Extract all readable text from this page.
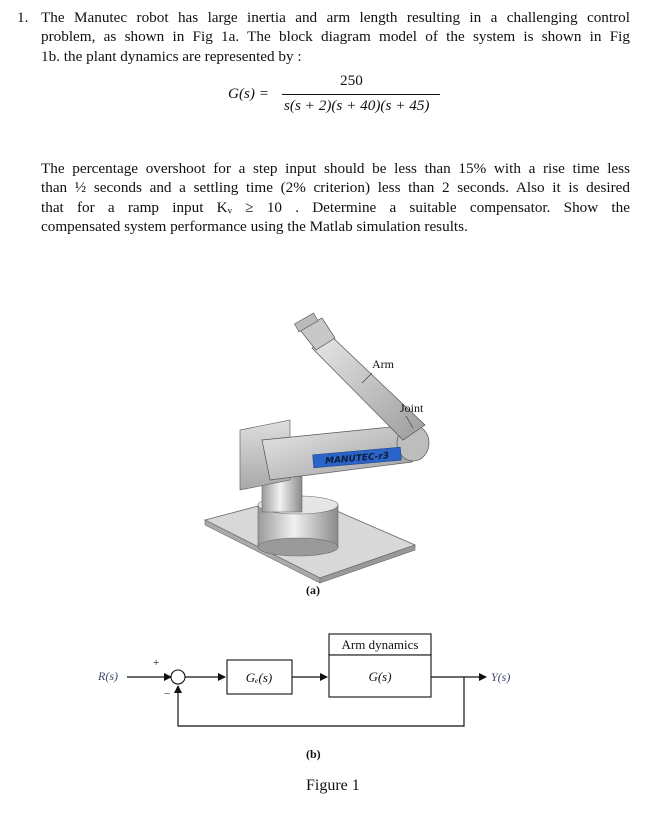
1. The Manutec robot has large inertia and arm length resulting in a challenging control
problem, as shown in Fig 1a. The block diagram model of the system is shown in Fig
1b. the plant dynamics are represented by :
G(s) =
250
s(s + 2)(s + 40)(s + 45)
The percentage overshoot for a step input should be less than 15% with a rise time less
than ½ seconds and a settling time (2% criterion) less than 2 seconds. Also it is desired
that for a ramp input Kᵥ ≥ 10 . Determine a suitable compensator. Show the
compensated system performance using the Matlab simulation results.
MANUTEC-r3
Arm
Joint
(a)
R(s)
+
−
Gₑ(s)
Arm dynamics
G(s)	Y(s)
(b)
Figure 1
